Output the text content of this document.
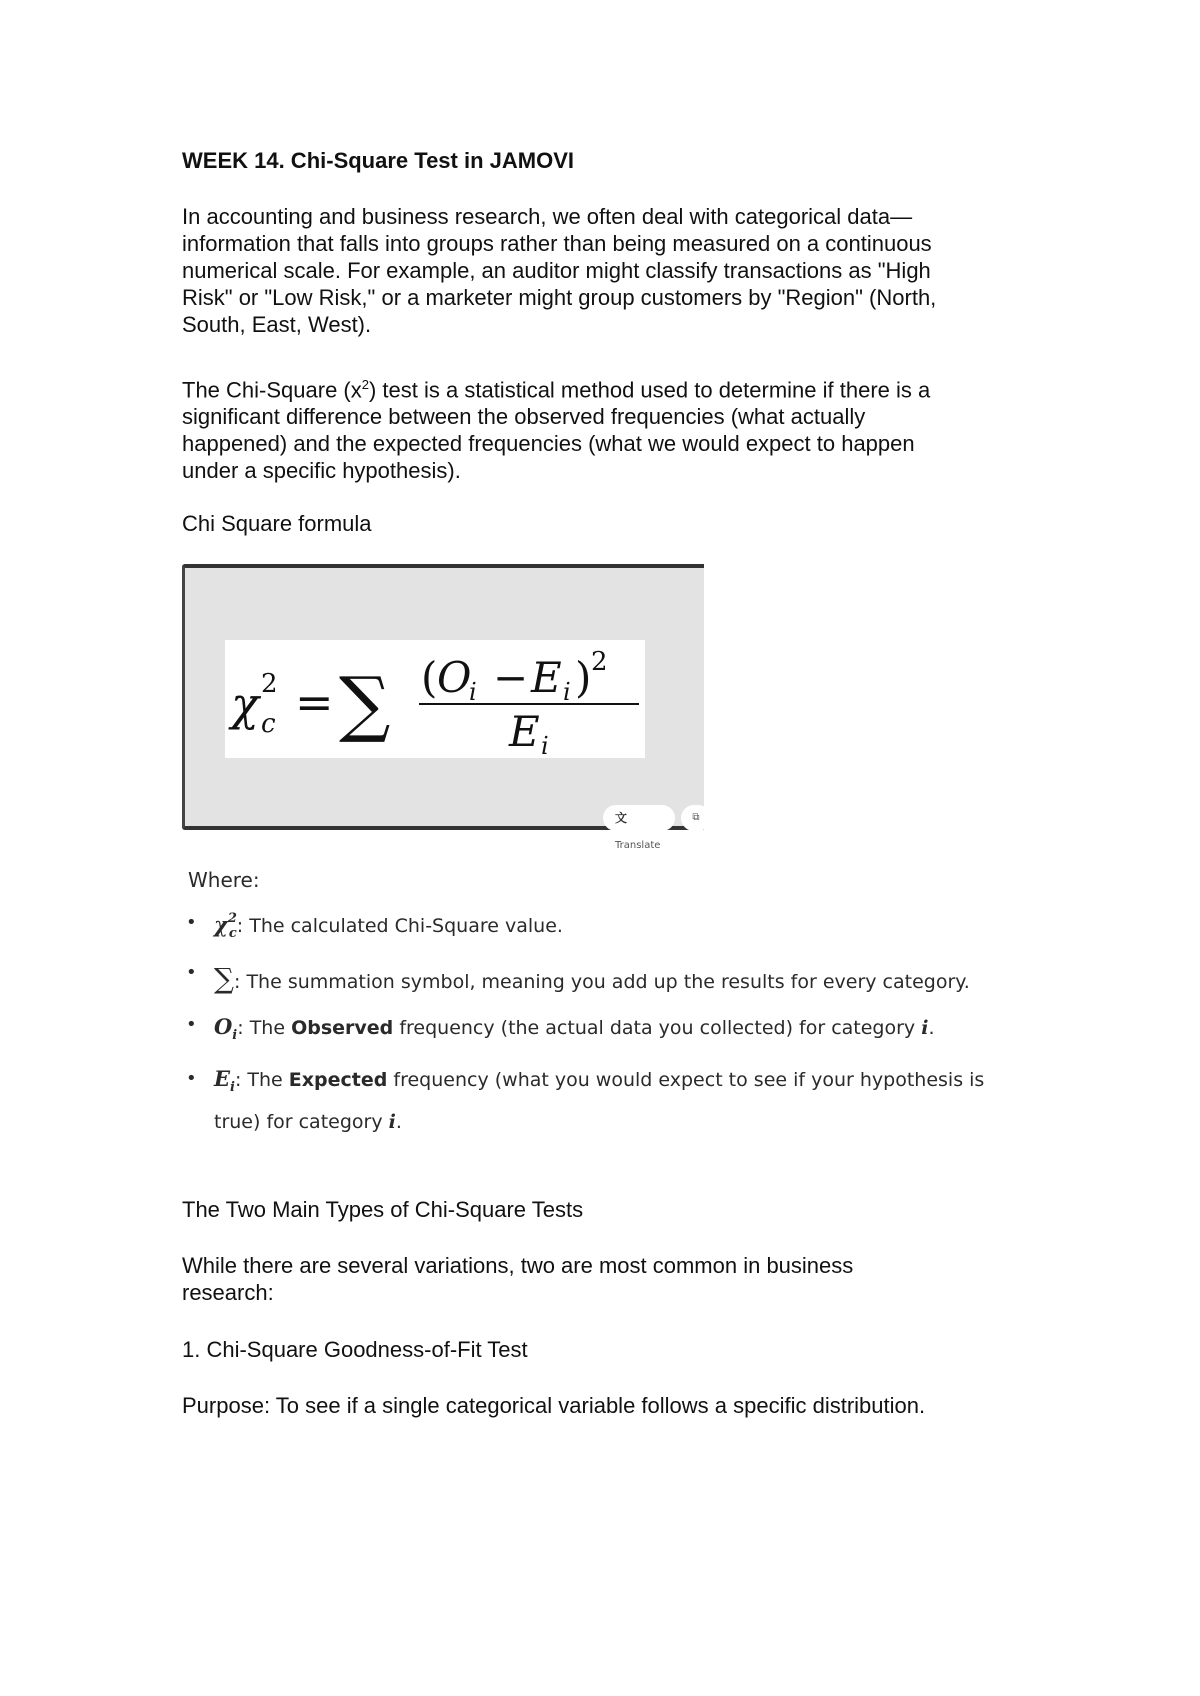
WEEK 14. Chi-Square Test in JAMOVI
In accounting and business research, we often deal with categorical data—
information that falls into groups rather than being measured on a continuous
numerical scale. For example, an auditor might classify transactions as "High
Risk" or "Low Risk," or a marketer might group customers by "Region" (North,
South, East, West).
The Chi-Square $(x^2)$ test is a statistical method used to determine if there is a
significant difference between the observed frequencies (what actually
happened) and the expected frequencies (what we would expect to happen
under a specific hypothesis).
Chi Square formula
χ 2
c = ∑ ( O
i − E i ) 2
E i
文Translate
⧉
Where:
• $\chi^2_c$: The calculated Chi-Square value.
• ∑: The summation symbol, meaning you add up the results for every category.
• $O_i$: The Observed frequency (the actual data you collected) for category i.
• $E_i$: The Expected frequency (what you would expect to see if your hypothesis is
true) for category i.
The Two Main Types of Chi-Square Tests
While there are several variations, two are most common in business
research:
1. Chi-Square Goodness-of-Fit Test
Purpose: To see if a single categorical variable follows a specific distribution.
